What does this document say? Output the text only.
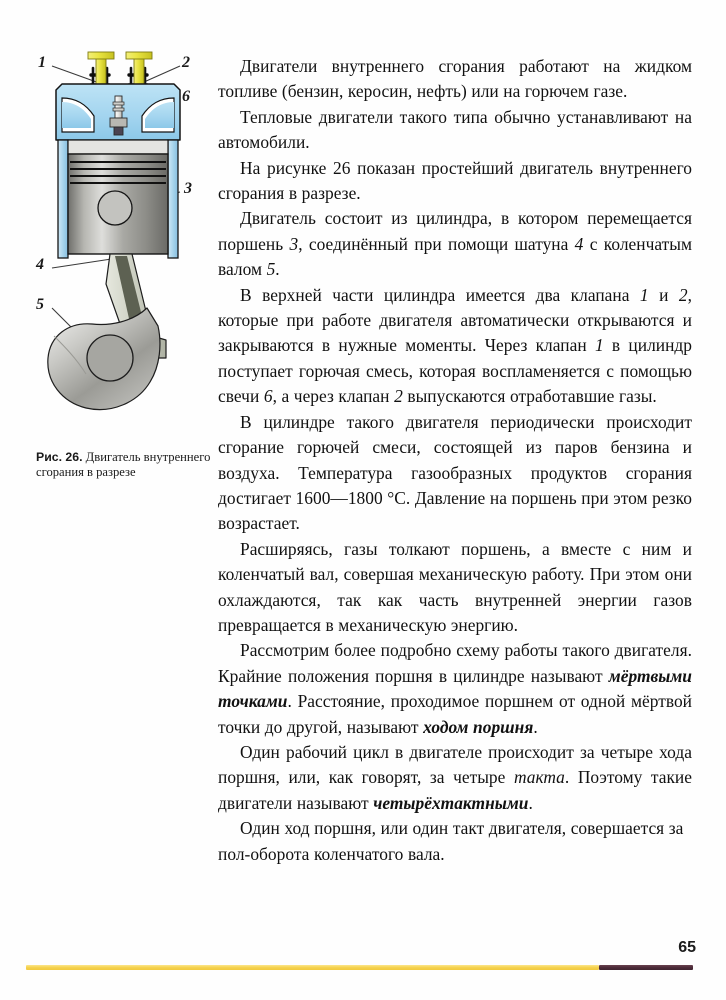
1	2
6
3
4
5
Рис. 26. Двигатель внутреннего сгорания в разрезе

Двигатели внутреннего сгорания работают на жидком топливе (бензин, керосин, нефть) или на горючем газе.

Тепловые двигатели такого типа обычно устанавливают на автомобили.

На рисунке 26 показан простейший двигатель внутреннего сгорания в разрезе.

Двигатель состоит из цилиндра, в котором перемещается поршень 3, соединённый при помощи шатуна 4 с коленчатым валом 5.

В верхней части цилиндра имеется два клапана 1 и 2, которые при работе двигателя автоматически открываются и закрываются в нужные моменты. Через клапан 1 в цилиндр поступает горючая смесь, которая воспламеняется с помощью свечи 6, а через клапан 2 выпускаются отработавшие газы.

В цилиндре такого двигателя периодически происходит сгорание горючей смеси, состоящей из паров бензина и воздуха. Температура газообразных продуктов сгорания достигает 1600—1800 °C. Давление на поршень при этом резко возрастает.

Расширяясь, газы толкают поршень, а вместе с ним и коленчатый вал, совершая механическую работу. При этом они охлаждаются, так как часть внутренней энергии газов превращается в механическую энергию.

Рассмотрим более подробно схему работы такого двигателя. Крайние положения поршня в цилиндре называют мёртвыми точками. Расстояние, проходимое поршнем от одной мёртвой точки до другой, называют ходом поршня.

Один рабочий цикл в двигателе происходит за четыре хода поршня, или, как говорят, за четыре такта. Поэтому такие двигатели называют четырёхтактными.

Один ход поршня, или один такт двигателя, совершается за пол-оборота коленчатого вала.

65
